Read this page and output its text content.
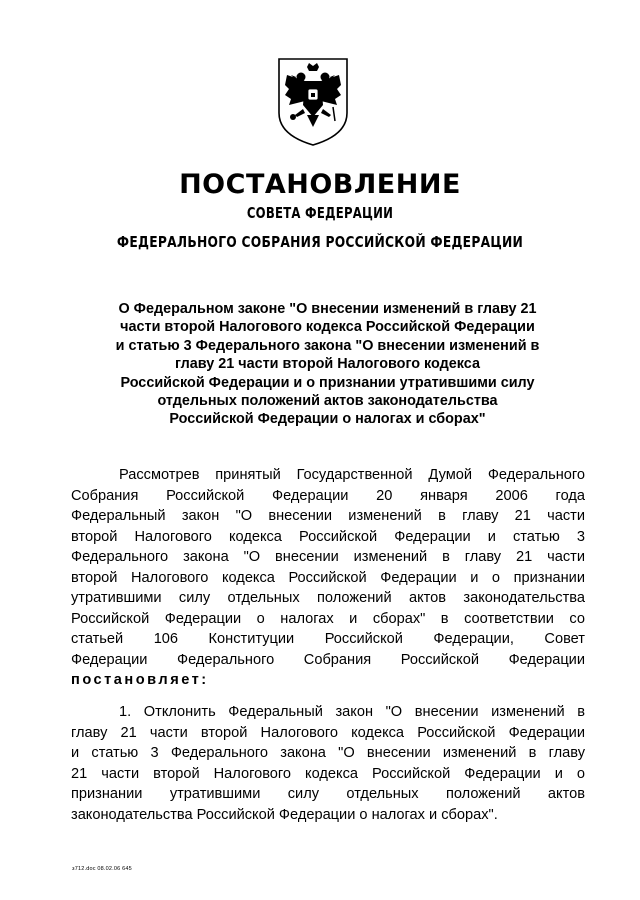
ПОСТАНОВЛЕНИЕ
СОВЕТА ФЕДЕРАЦИИ
ФЕДЕРАЛЬНОГО СОБРАНИЯ РОССИЙСКОЙ ФЕДЕРАЦИИ
О Федеральном законе "О внесении изменений в главу 21
части второй Налогового кодекса Российской Федерации
и статью 3 Федерального закона "О внесении изменений в
главу 21 части второй Налогового кодекса
Российской Федерации и о признании утратившими силу
отдельных положений актов законодательства
Российской Федерации о налогах и сборах"
Рассмотрев принятый Государственной Думой Федерального
Собрания Российской Федерации 20 января 2006 года
Федеральный закон "О внесении изменений в главу 21 части
второй Налогового кодекса Российской Федерации и статью 3
Федерального закона "О внесении изменений в главу 21 части
второй Налогового кодекса Российской Федерации и о признании
утратившими силу отдельных положений актов законодательства
Российской Федерации о налогах и сборах" в соответствии со
статьей 106 Конституции Российской Федерации, Совет
Федерации Федерального Собрания Российской Федерации
постановляет:
1. Отклонить Федеральный закон "О внесении изменений в
главу 21 части второй Налогового кодекса Российской Федерации
и статью 3 Федерального закона "О внесении изменений в главу
21 части второй Налогового кодекса Российской Федерации и о
признании утратившими силу отдельных положений актов
законодательства Российской Федерации о налогах и сборах".
з712.doc 08.02.06 645
